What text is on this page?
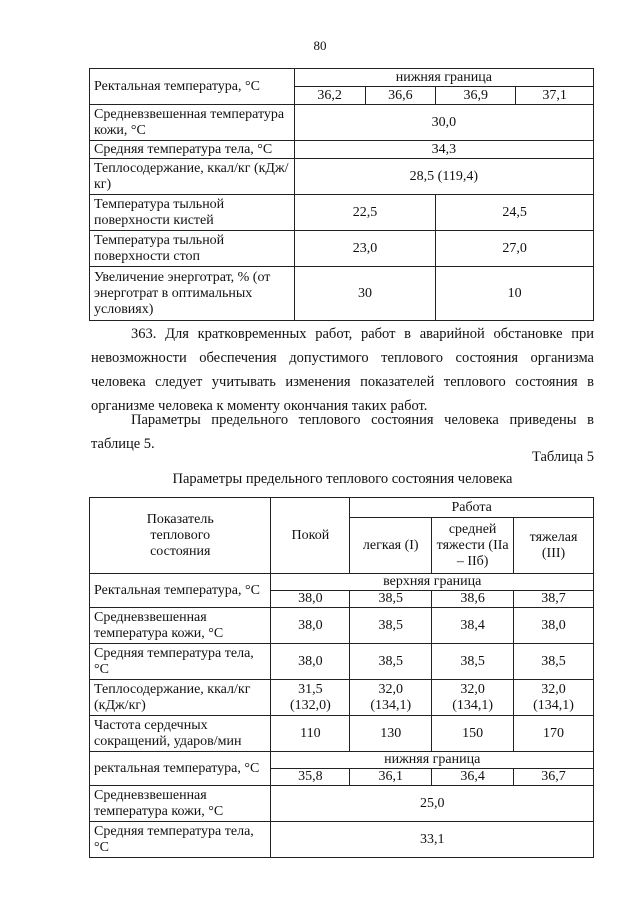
80
Ректальная температура, °С	нижняя граница			
	36,2	36,6	36,9	37,1
Средневзвешенная температура кожи, °С	30,0			
Средняя температура тела, °С	34,3			
Теплосодержание, ккал/кг (кДж/кг)	28,5 (119,4)			
Температура тыльной поверхности кистей	22,5		24,5	
Температура тыльной поверхности стоп	23,0		27,0	
Увеличение энерготрат, % (от энерготрат в оптимальных условиях)	30		10	
363. Для кратковременных работ, работ в аварийной обстановке при невозможности обеспечения допустимого теплового состояния организма человека следует учитывать изменения показателей теплового состояния в организме человека к моменту окончания таких работ.
Параметры предельного теплового состояния человека приведены в таблице 5.
Таблица 5
Параметры предельного теплового состояния человека
Показатель теплового состояния	Покой	Работа		
		легкая (I)	средней тяжести (IIа – IIб)	тяжелая (III)
Ректальная температура, °С	верхняя граница			
	38,0	38,5	38,6	38,7
Средневзвешенная температура кожи, °С	38,0	38,5	38,4	38,0
Средняя температура тела, °С	38,0	38,5	38,5	38,5
Теплосодержание, ккал/кг (кДж/кг)	31,5 (132,0)	32,0 (134,1)	32,0 (134,1)	32,0 (134,1)
Частота сердечных сокращений, ударов/мин	110	130	150	170
ректальная температура, °С	нижняя граница			
	35,8	36,1	36,4	36,7
Средневзвешенная температура кожи, °С	25,0			
Средняя температура тела, °С	33,1			
